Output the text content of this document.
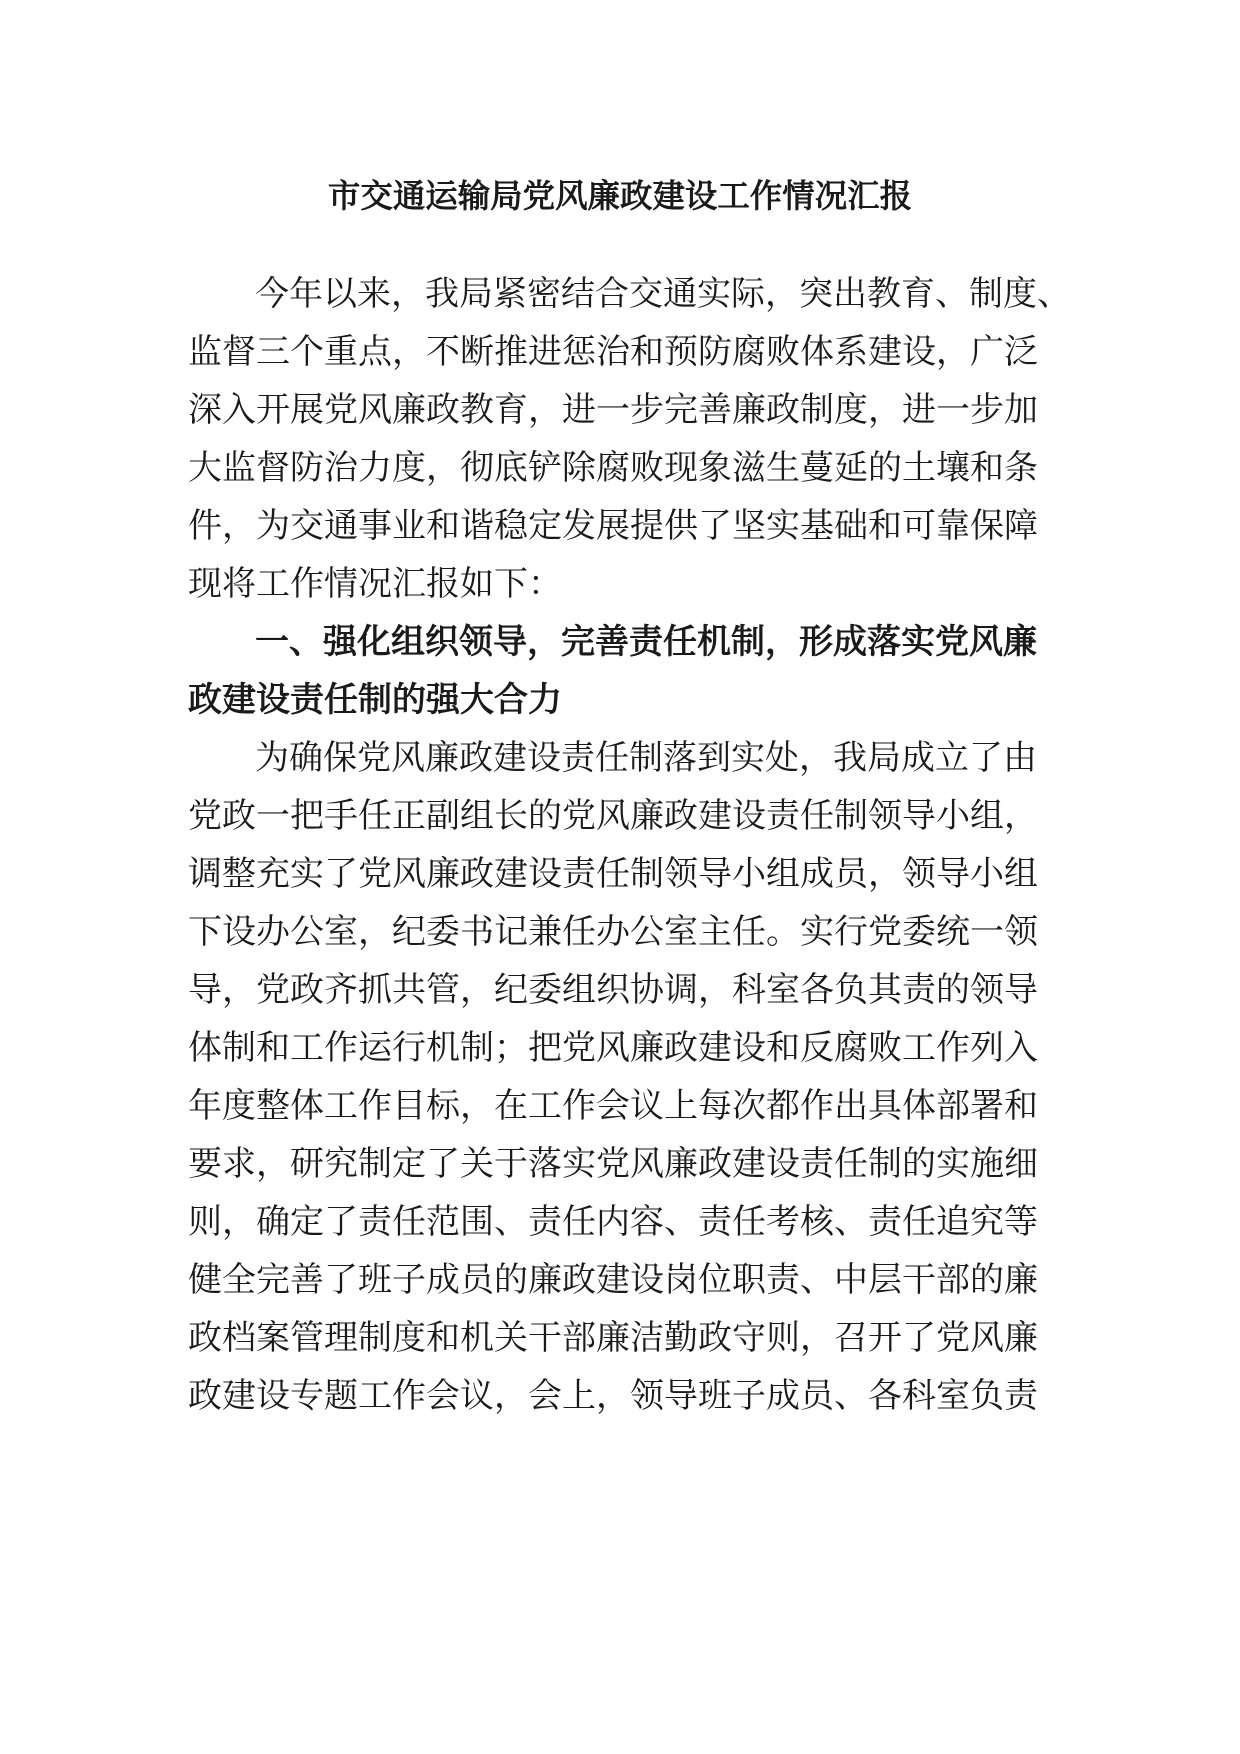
市交通运输局党风廉政建设工作情况汇报
今年以来，我局紧密结合交通实际，突出教育、制度、
监督三个重点，不断推进惩治和预防腐败体系建设，广泛
深入开展党风廉政教育，进一步完善廉政制度，进一步加
大监督防治力度，彻底铲除腐败现象滋生蔓延的土壤和条
件，为交通事业和谐稳定发展提供了坚实基础和可靠保障
现将工作情况汇报如下：
一、强化组织领导，完善责任机制，形成落实党风廉
政建设责任制的强大合力
为确保党风廉政建设责任制落到实处，我局成立了由
党政一把手任正副组长的党风廉政建设责任制领导小组，
调整充实了党风廉政建设责任制领导小组成员，领导小组
下设办公室，纪委书记兼任办公室主任。实行党委统一领
导，党政齐抓共管，纪委组织协调，科室各负其责的领导
体制和工作运行机制；把党风廉政建设和反腐败工作列入
年度整体工作目标，在工作会议上每次都作出具体部署和
要求，研究制定了关于落实党风廉政建设责任制的实施细
则，确定了责任范围、责任内容、责任考核、责任追究等
健全完善了班子成员的廉政建设岗位职责、中层干部的廉
政档案管理制度和机关干部廉洁勤政守则，召开了党风廉
政建设专题工作会议，会上，领导班子成员、各科室负责
